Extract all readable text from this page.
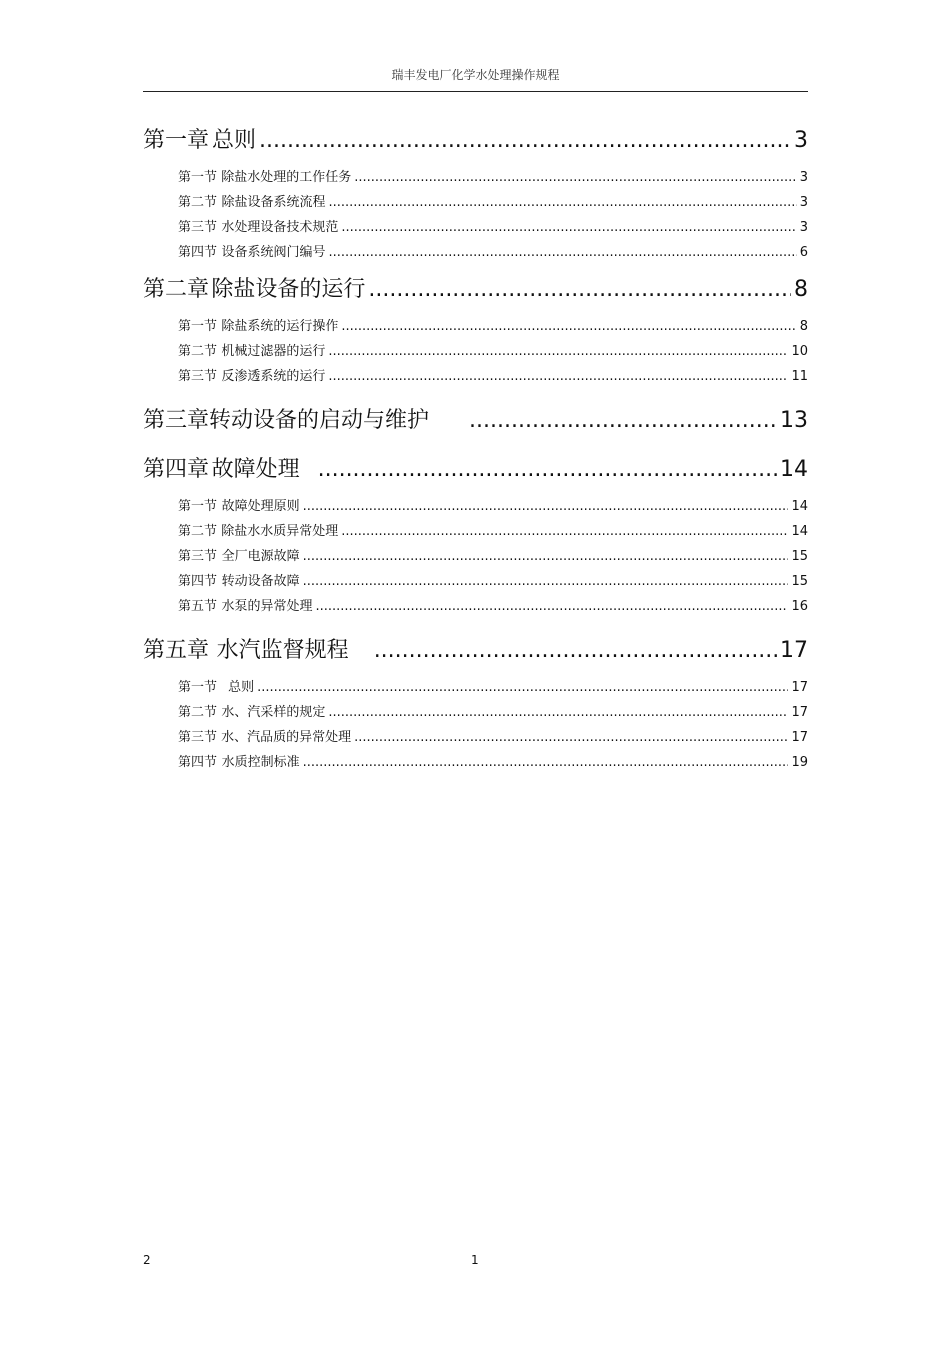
瑞丰发电厂化学水处理操作规程
第一章 总则 .....	3
第一节 除盐水处理的工作任务 .....	3
第二节 除盐设备系统流程 .....	3
第三节 水处理设备技术规范 .....	3
第四节 设备系统阀门编号 .....	6
第二章 除盐设备的运行 .....	8
第一节 除盐系统的运行操作 .....	8
第二节 机械过滤器的运行 .....	10
第三节 反渗透系统的运行 .....	11
第三章 转动设备的启动与维护 .....	13
第四章 故障处理 .....	14
第一节 故障处理原则 .....	14
第二节 除盐水水质异常处理 .....	14
第三节 全厂电源故障 .....	15
第四节 转动设备故障 .....	15
第五节 水泵的异常处理 .....	16
第五章 水汽监督规程 .....	17
第一节 总则 .....	17
第二节 水、汽采样的规定 .....	17
第三节 水、汽品质的异常处理 .....	17
第四节 水质控制标准 .....	19
2	1
